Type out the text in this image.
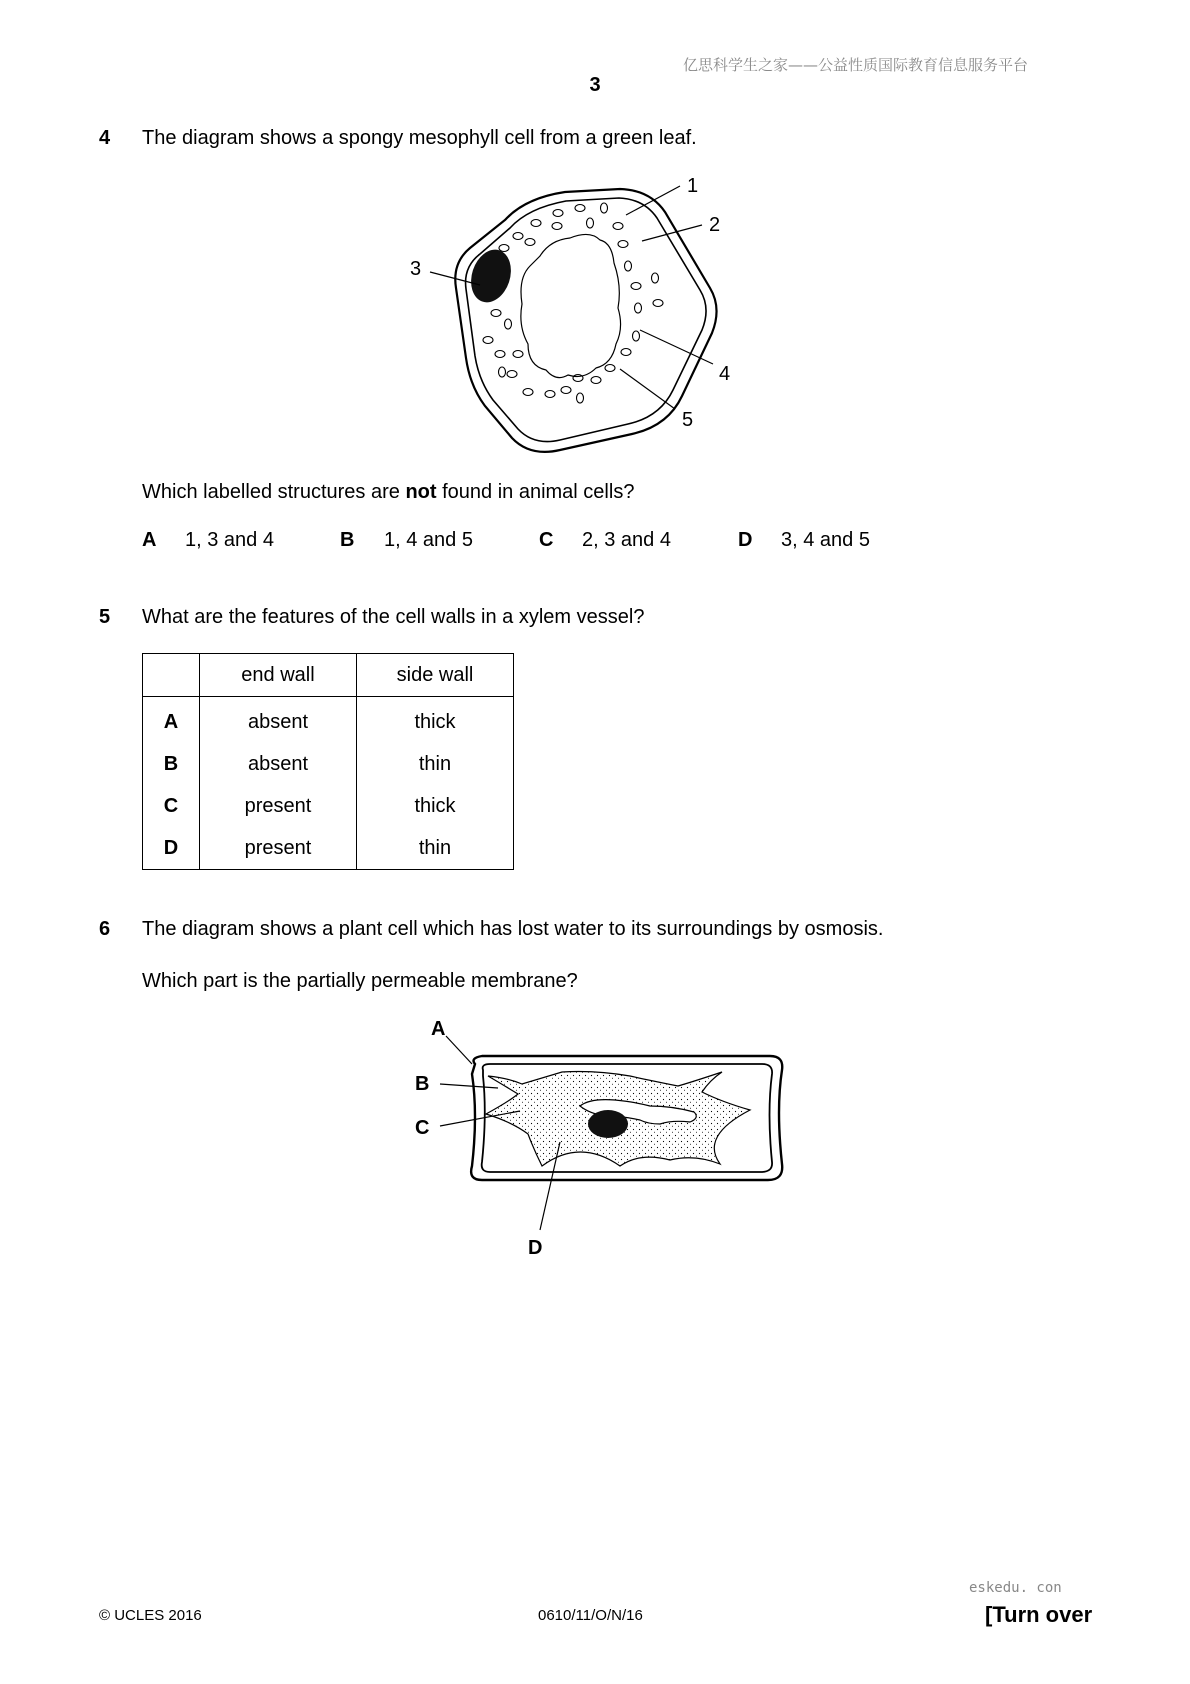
亿思科学生之家——公益性质国际教育信息服务平台
3
4 The diagram shows a spongy mesophyll cell from a green leaf.
1
2
3
4
5
Which labelled structures are not found in animal cells?
A 1, 3 and 4	B 1, 4 and 5	C 2, 3 and 4	D 3, 4 and 5
5 What are the features of the cell walls in a xylem vessel?
	end wall	side wall
A	absent	thick
B	absent	thin
C	present	thick
D	present	thin
6 The diagram shows a plant cell which has lost water to its surroundings by osmosis.
Which part is the partially permeable membrane?
A
B
C
D
© UCLES 2016	0610/11/O/N/16
eskedu. con
[Turn over
